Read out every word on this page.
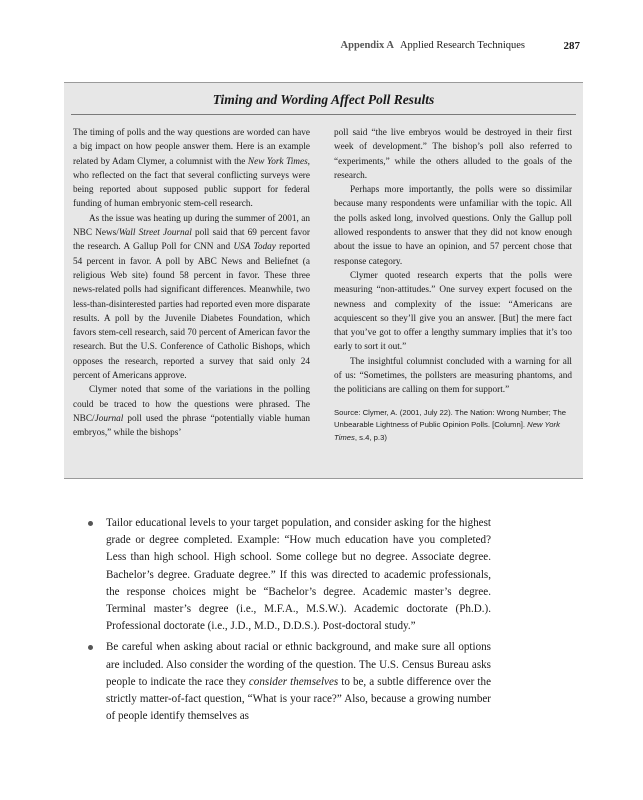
Appendix A Applied Research Techniques	287
Timing and Wording Affect Poll Results

The timing of polls and the way questions are worded can have a big impact on how people answer them. Here is an example related by Adam Clymer, a columnist with the New York Times, who reflected on the fact that several conflicting surveys were being reported about supposed public support for federal funding of human embryonic stem-cell research.

As the issue was heating up during the summer of 2001, an NBC News/Wall Street Journal poll said that 69 percent favor the research. A Gallup Poll for CNN and USA Today reported 54 percent in favor. A poll by ABC News and Beliefnet (a religious Web site) found 58 percent in favor. These three news-related polls had significant differences. Meanwhile, two less-than-disinterested parties had reported even more disparate results. A poll by the Juvenile Diabetes Foundation, which favors stem-cell research, said 70 percent of American favor the research. But the U.S. Conference of Catholic Bishops, which opposes the research, reported a survey that said only 24 percent of Americans approve.

Clymer noted that some of the variations in the polling could be traced to how the questions were phrased. The NBC/Journal poll used the phrase “potentially viable human embryos,” while the bishops’

poll said “the live embryos would be destroyed in their first week of development.” The bishop’s poll also referred to “experiments,” while the others alluded to the goals of the research.

Perhaps more importantly, the polls were so dissimilar because many respondents were unfamiliar with the topic. All the polls asked long, involved questions. Only the Gallup poll allowed respondents to answer that they did not know enough about the issue to have an opinion, and 57 percent chose that response category.

Clymer quoted research experts that the polls were measuring “non-attitudes.” One survey expert focused on the newness and complexity of the issue: “Americans are acquiescent so they’ll give you an answer. [But] the mere fact that you’ve got to offer a lengthy summary implies that it’s too early to sort it out.”

The insightful columnist concluded with a warning for all of us: “Sometimes, the pollsters are measuring phantoms, and the politicians are calling on them for support.”

Source: Clymer, A. (2001, July 22). The Nation: Wrong Number; The Unbearable Lightness of Public Opinion Polls. [Column]. New York Times, s.4, p.3)

Tailor educational levels to your target population, and consider asking for the highest grade or degree completed. Example: “How much education have you completed? Less than high school. High school. Some college but no degree. Associate degree. Bachelor’s degree. Graduate degree.” If this was directed to academic professionals, the response choices might be “Bachelor’s degree. Academic master’s degree. Terminal master’s degree (i.e., M.F.A., M.S.W.). Academic doctorate (Ph.D.). Professional doctorate (i.e., J.D., M.D., D.D.S.). Post-doctoral study.”
Be careful when asking about racial or ethnic background, and make sure all options are included. Also consider the wording of the question. The U.S. Census Bureau asks people to indicate the race they consider themselves to be, a subtle difference over the strictly matter-of-fact question, “What is your race?” Also, because a growing number of people identify themselves as
